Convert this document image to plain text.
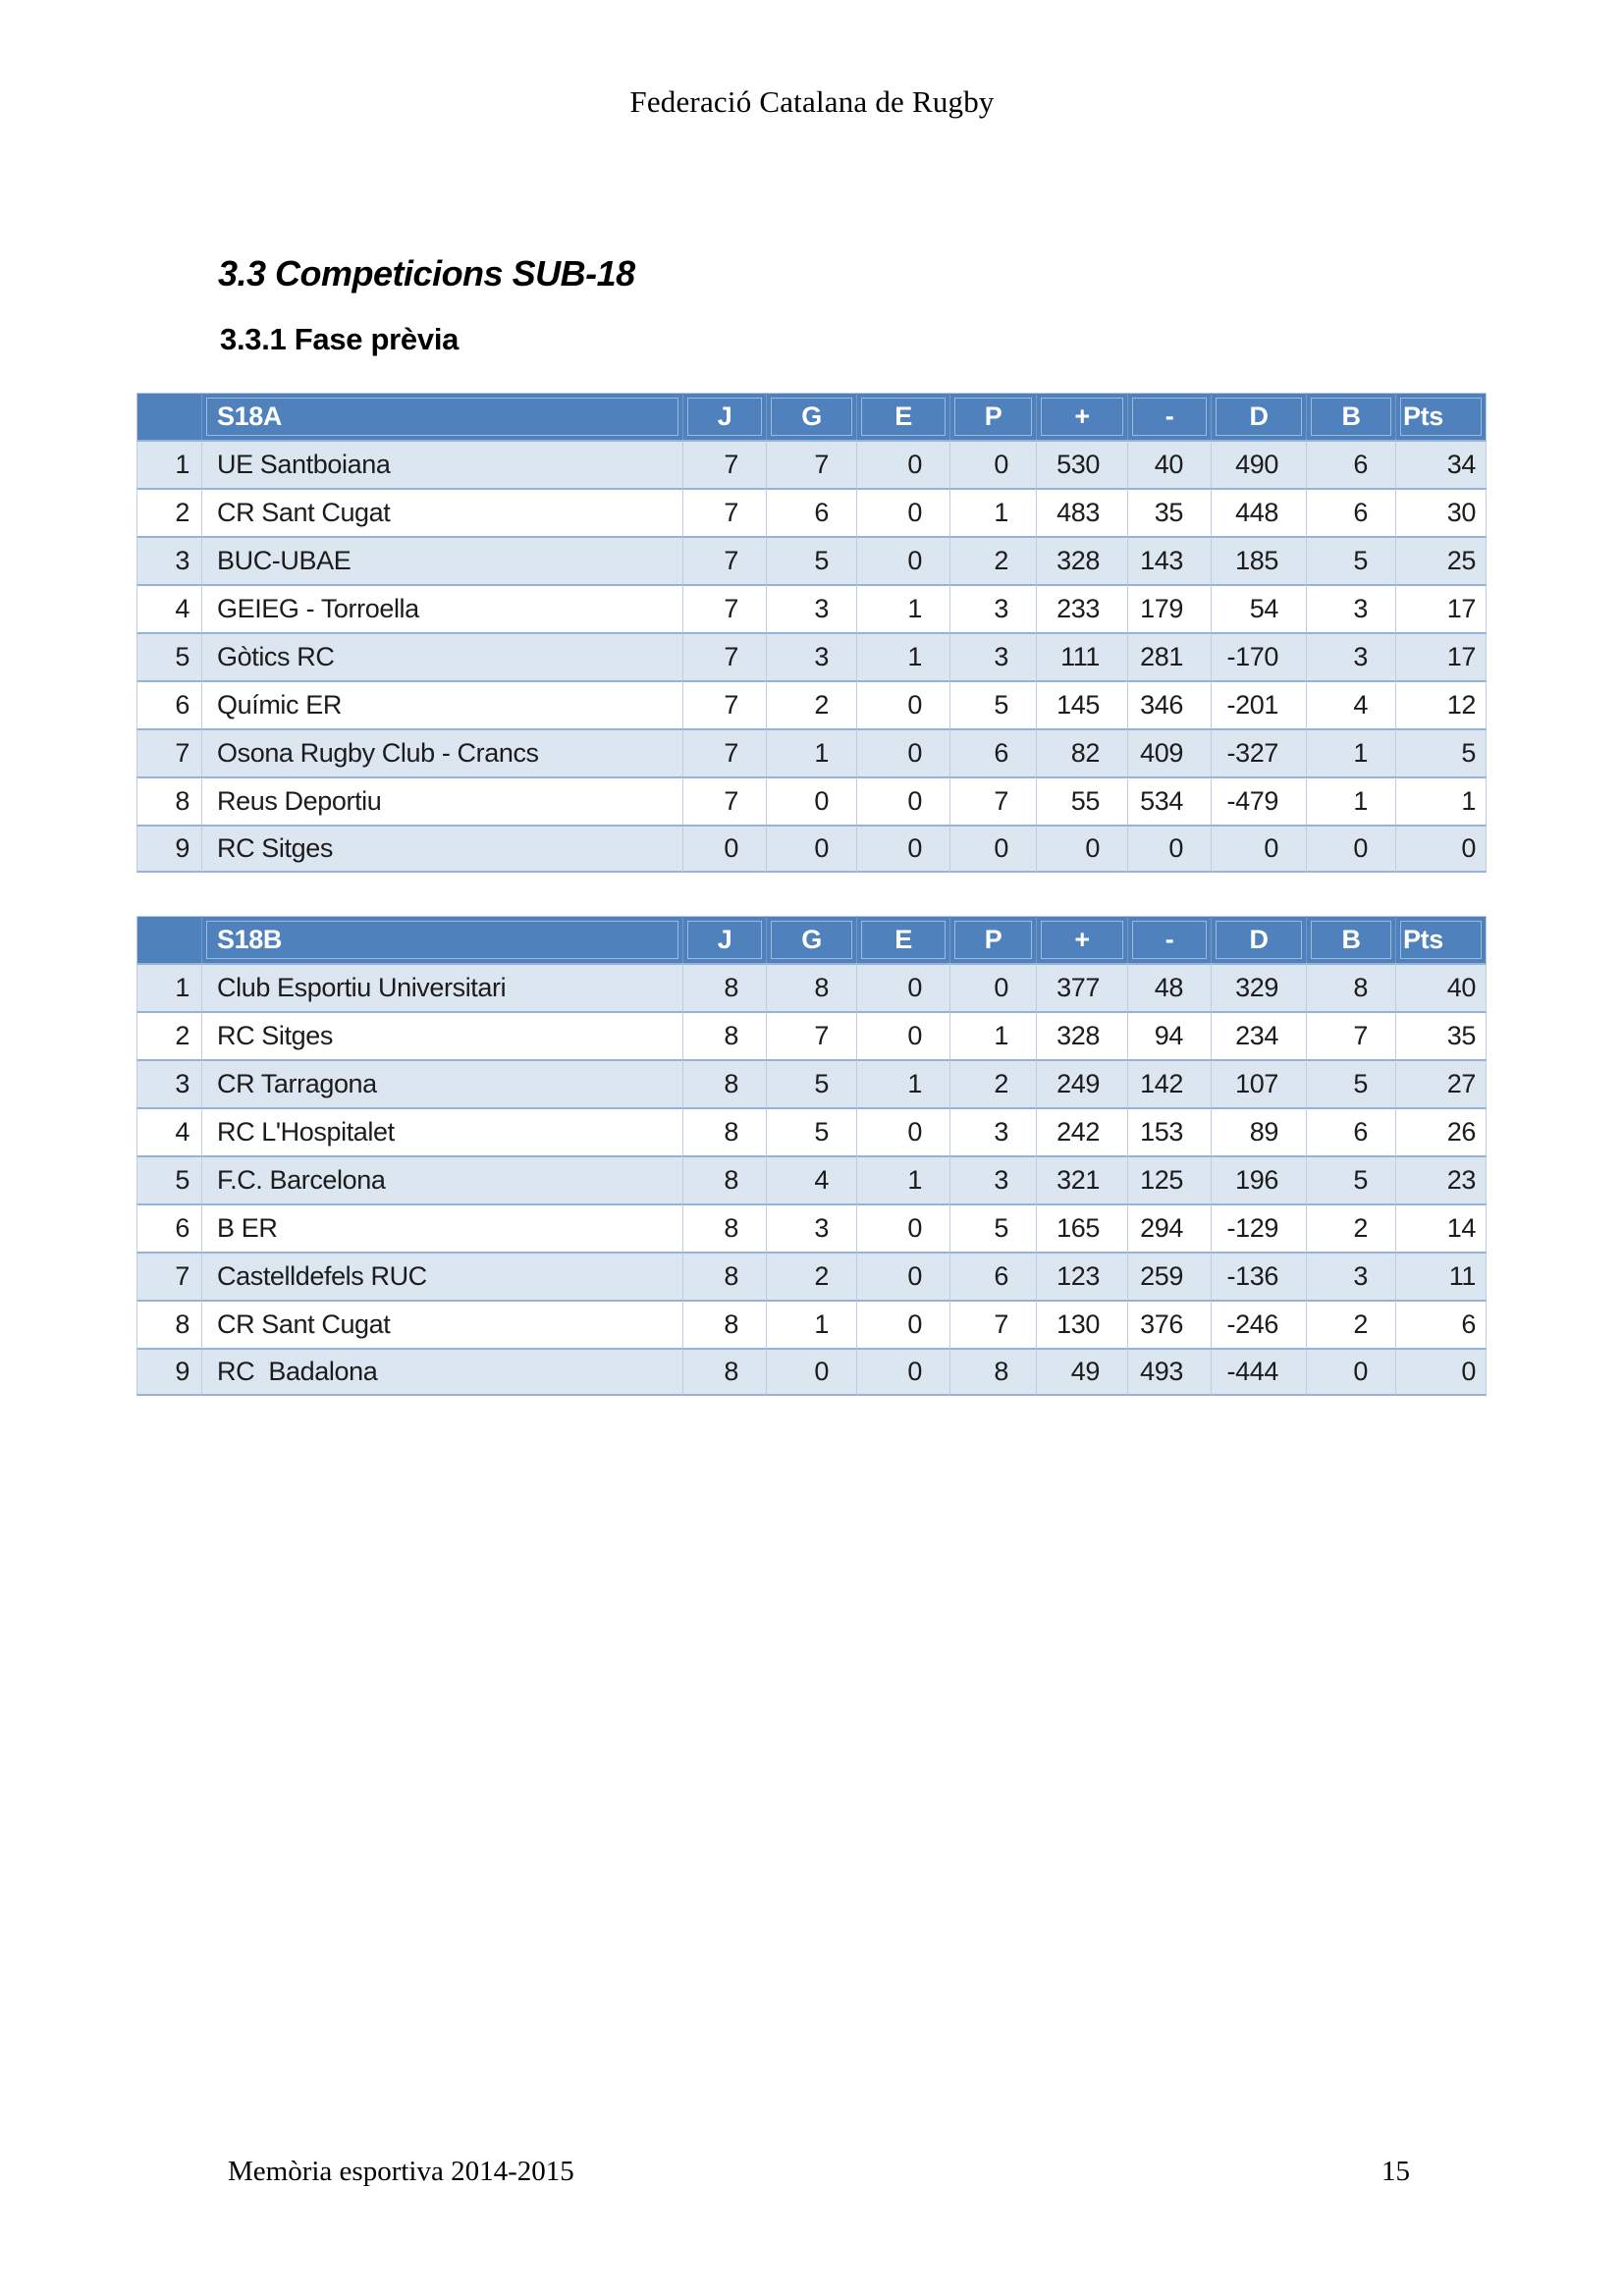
Federació Catalana de Rugby
3.3 Competicions SUB-18
3.3.1 Fase prèvia
	S18A	J	G	E	P	+	-	D	B	Pts
1	UE Santboiana	7	7	0	0	530	40	490	6	34
2	CR Sant Cugat	7	6	0	1	483	35	448	6	30
3	BUC-UBAE	7	5	0	2	328	143	185	5	25
4	GEIEG - Torroella	7	3	1	3	233	179	54	3	17
5	Gòtics RC	7	3	1	3	111	281	-170	3	17
6	Químic ER	7	2	0	5	145	346	-201	4	12
7	Osona Rugby Club - Crancs	7	1	0	6	82	409	-327	1	5
8	Reus Deportiu	7	0	0	7	55	534	-479	1	1
9	RC Sitges	0	0	0	0	0	0	0	0	0
	S18B	J	G	E	P	+	-	D	B	Pts
1	Club Esportiu Universitari	8	8	0	0	377	48	329	8	40
2	RC Sitges	8	7	0	1	328	94	234	7	35
3	CR Tarragona	8	5	1	2	249	142	107	5	27
4	RC L'Hospitalet	8	5	0	3	242	153	89	6	26
5	F.C. Barcelona	8	4	1	3	321	125	196	5	23
6	B ER	8	3	0	5	165	294	-129	2	14
7	Castelldefels RUC	8	2	0	6	123	259	-136	3	11
8	CR Sant Cugat	8	1	0	7	130	376	-246	2	6
9	RC  Badalona	8	0	0	8	49	493	-444	0	0
Memòria esportiva 2014-2015	15
